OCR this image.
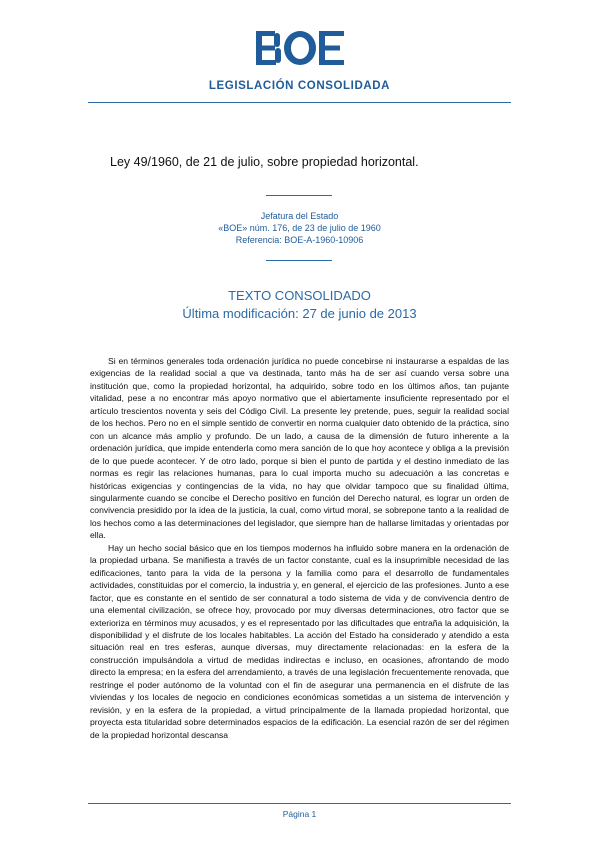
LEGISLACIÓN CONSOLIDADA
Ley 49/1960, de 21 de julio, sobre propiedad horizontal.
Jefatura del Estado
«BOE» núm. 176, de 23 de julio de 1960
Referencia: BOE-A-1960-10906
TEXTO CONSOLIDADO
Última modificación: 27 de junio de 2013

Si en términos generales toda ordenación jurídica no puede concebirse ni instaurarse a espaldas de las exigencias de la realidad social a que va destinada, tanto más ha de ser así cuando versa sobre una institución que, como la propiedad horizontal, ha adquirido, sobre todo en los últimos años, tan pujante vitalidad, pese a no encontrar más apoyo normativo que el abiertamente insuficiente representado por el artículo trescientos noventa y seis del Código Civil. La presente ley pretende, pues, seguir la realidad social de los hechos. Pero no en el simple sentido de convertir en norma cualquier dato obtenido de la práctica, sino con un alcance más amplio y profundo. De un lado, a causa de la dimensión de futuro inherente a la ordenación jurídica, que impide entenderla como mera sanción de lo que hoy acontece y obliga a la previsión de lo que puede acontecer. Y de otro lado, porque si bien el punto de partida y el destino inmediato de las normas es regir las relaciones humanas, para lo cual importa mucho su adecuación a las concretas e históricas exigencias y contingencias de la vida, no hay que olvidar tampoco que su finalidad última, singularmente cuando se concibe el Derecho positivo en función del Derecho natural, es lograr un orden de convivencia presidido por la idea de la justicia, la cual, como virtud moral, se sobrepone tanto a la realidad de los hechos como a las determinaciones del legislador, que siempre han de hallarse limitadas y orientadas por ella.

Hay un hecho social básico que en los tiempos modernos ha influido sobre manera en la ordenación de la propiedad urbana. Se manifiesta a través de un factor constante, cual es la insuprimible necesidad de las edificaciones, tanto para la vida de la persona y la familia como para el desarrollo de fundamentales actividades, constituidas por el comercio, la industria y, en general, el ejercicio de las profesiones. Junto a ese factor, que es constante en el sentido de ser connatural a todo sistema de vida y de convivencia dentro de una elemental civilización, se ofrece hoy, provocado por muy diversas determinaciones, otro factor que se exterioriza en términos muy acusados, y es el representado por las dificultades que entraña la adquisición, la disponibilidad y el disfrute de los locales habitables. La acción del Estado ha considerado y atendido a esta situación real en tres esferas, aunque diversas, muy directamente relacionadas: en la esfera de la construcción impulsándola a virtud de medidas indirectas e incluso, en ocasiones, afrontando de modo directo la empresa; en la esfera del arrendamiento, a través de una legislación frecuentemente renovada, que restringe el poder autónomo de la voluntad con el fin de asegurar una permanencia en el disfrute de las viviendas y los locales de negocio en condiciones económicas sometidas a un sistema de intervención y revisión, y en la esfera de la propiedad, a virtud principalmente de la llamada propiedad horizontal, que proyecta esta titularidad sobre determinados espacios de la edificación. La esencial razón de ser del régimen de la propiedad horizontal descansa

Página 1
